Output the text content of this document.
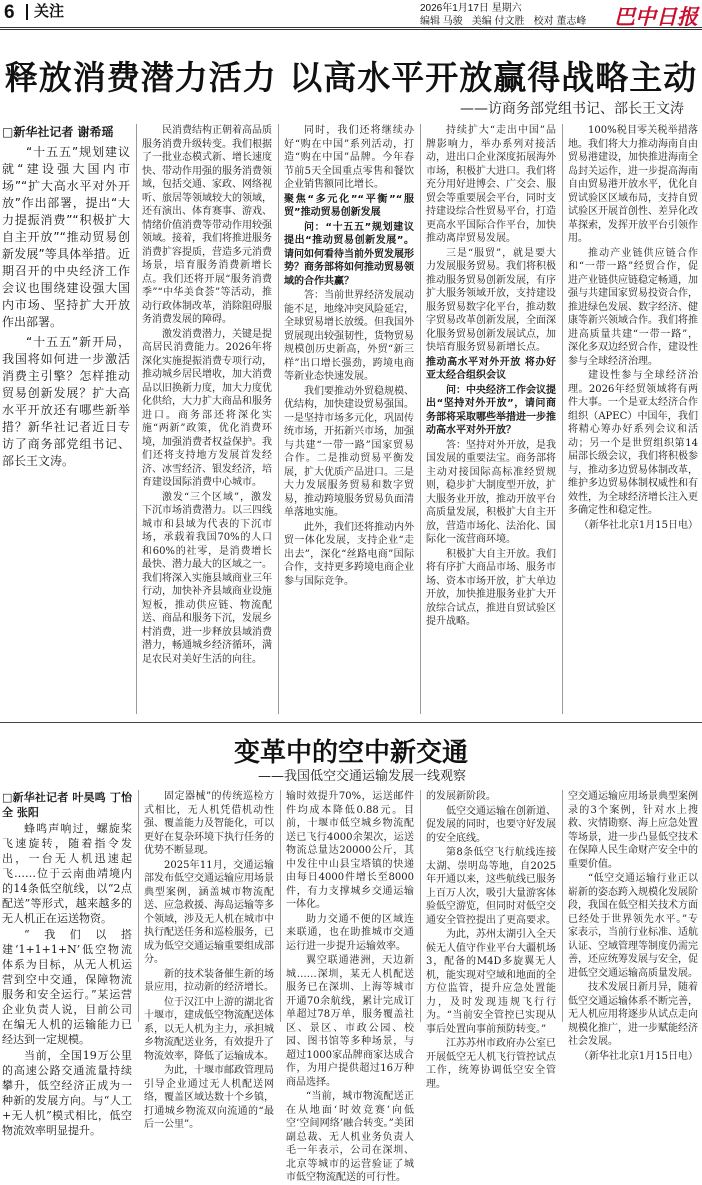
6	关注	2026年1月17日 星期六
编辑 马骏 美编 付文胜 校对 董志峰	巴中日报
释放消费潜力活力 以高水平开放赢得战略主动
——访商务部党组书记、部长王文涛

□新华社记者 谢希瑶

“十五五”规划建议就“建设强大国内市场”“扩大高水平对外开放”作出部署，提出“大力提振消费”“积极扩大自主开放”“推动贸易创新发展”等具体举措。近期召开的中央经济工作会议也围绕建设强大国内市场、坚持扩大开放作出部署。

“十五五”新开局，我国将如何进一步激活消费主引擎？怎样推动贸易创新发展？扩大高水平开放还有哪些新举措？新华社记者近日专访了商务部党组书记、部长王文涛。

民消费结构正朝着高品质服务消费升级转变。我们根据了一批业态模式新、增长速度快、带动作用强的服务消费领域，包括交通、家政、网络视听、旅居等领域较大的领域，还有演出、体育赛事、游戏、情绪价值消费等带动作用较强领域。接着，我们将推进服务消费扩容提质，营造多元消费场景，培育服务消费新增长点。我们还将开展“服务消费季”“中华美食荟”等活动，推动行政体制改革，消除阻碍服务消费发展的障碍。

激发消费潜力，关键是提高居民消费能力。2026年将深化实施提振消费专项行动，推动城乡居民增收，加大消费品以旧换新力度，加大力度优化供给，大力扩大商品和服务进口。商务部还将深化实施“两新”政策，优化消费环境，加强消费者权益保护。我们还将支持地方发展首发经济、冰雪经济、银发经济，培育建设国际消费中心城市。

激发“三个区域”，激发下沉市场消费潜力。以三四线城市和县域为代表的下沉市场，承载着我国70%的人口和60%的社零，是消费增长最快、潜力最大的区域之一。我们将深入实施县域商业三年行动，加快补齐县域商业设施短板，推动供应链、物流配送、商品和服务下沉，发展乡村消费，进一步释放县域消费潜力，畅通城乡经济循环，满足农民对美好生活的向往。

同时，我们还将继续办好“购在中国”系列活动，打造“购在中国”品牌。今年春节前5天全国重点零售和餐饮企业销售额同比增长。

聚焦“多元化”“平衡”“服贸”推动贸易创新发展

问：“十五五”规划建议提出“推动贸易创新发展”。请问如何看待当前外贸发展形势？商务部将如何推动贸易领域的合作共赢？

答：当前世界经济发展动能不足，地缘冲突风险延宕，全球贸易增长放缓。但我国外贸展现出较强韧性，货物贸易规模创历史新高，外贸“新三样”出口增长强劲，跨境电商等新业态快速发展。

我们要推动外贸稳规模、优结构，加快建设贸易强国。一是坚持市场多元化，巩固传统市场，开拓新兴市场，加强与共建“一带一路”国家贸易合作。二是推动贸易平衡发展，扩大优质产品进口。三是大力发展服务贸易和数字贸易，推动跨境服务贸易负面清单落地实施。

此外，我们还将推动内外贸一体化发展，支持企业“走出去”，深化“丝路电商”国际合作，支持更多跨境电商企业参与国际竞争。

持续扩大“走出中国”品牌影响力，举办系列对接活动，进出口企业深度拓展海外市场，积极扩大进口。我们将充分用好进博会、广交会、服贸会等重要展会平台，同时支持建设综合性贸易平台，打造更高水平国际合作平台，加快推动离岸贸易发展。

三是“服贸”，就是要大力发展服务贸易。我们将积极推动服务贸易创新发展，有序扩大服务领域开放，支持建设服务贸易数字化平台，推动数字贸易改革创新发展，全面深化服务贸易创新发展试点，加快培育服务贸易新增长点。

推动高水平对外开放 将办好亚太经合组织会议

问：中央经济工作会议提出“坚持对外开放”，请问商务部将采取哪些举措进一步推动高水平对外开放？

答：坚持对外开放，是我国发展的重要法宝。商务部将主动对接国际高标准经贸规则，稳步扩大制度型开放，扩大服务业开放，推动开放平台高质量发展，积极扩大自主开放，营造市场化、法治化、国际化一流营商环境。

积极扩大自主开放。我们将有序扩大商品市场、服务市场、资本市场开放，扩大单边开放，加快推进服务业扩大开放综合试点，推进自贸试验区提升战略。

100%税目零关税举措落地。我们将大力推动海南自由贸易港建设，加快推进海南全岛封关运作，进一步提高海南自由贸易港开放水平，优化自贸试验区区域布局，支持自贸试验区开展首创性、差异化改革探索，发挥开放平台引领作用。

推动产业链供应链合作和“一带一路”经贸合作，促进产业链供应链稳定畅通，加强与共建国家贸易投资合作，推进绿色发展、数字经济、健康等新兴领域合作。我们将推进高质量共建“一带一路”，深化多双边经贸合作，建设性参与全球经济治理。

建设性参与全球经济治理。2026年经贸领域将有两件大事。一个是亚太经济合作组织（APEC）中国年，我们将精心筹办好系列会议和活动；另一个是世贸组织第14届部长级会议，我们将积极参与，推动多边贸易体制改革，维护多边贸易体制权威性和有效性，为全球经济增长注入更多确定性和稳定性。

（新华社北京1月15日电）

变革中的空中新交通
——我国低空交通运输发展一线观察

□新华社记者 叶昊鸣 丁怡全 张阳

蜂鸣声响过，螺旋桨飞速旋转，随着指令发出，一台无人机迅速起飞……位于云南曲靖境内的14条低空航线，以“2点配送”等形式，越来越多的无人机正在运送物资。

“我们以搭建‘1+1+1+N’低空物流体系为目标，从无人机运营到空中交通，保障物流服务和安全运行。”某运营企业负责人说，目前公司在编无人机的运输能力已经达到一定规模。

当前，全国19万公里的高速公路交通流量持续攀升，低空经济正成为一种新的发展方向。与“人工+无人机”模式相比，低空物流效率明显提升。

固定器械”的传统巡检方式相比，无人机凭借机动性强、覆盖能力及智能化，可以更好在复杂环境下执行任务的优势不断显现。

2025年11月，交通运输部发布低空交通运输应用场景典型案例，涵盖城市物流配送、应急救援、海岛运输等多个领域，涉及无人机在城市中执行配送任务和巡检服务，已成为低空交通运输重要组成部分。

新的技术装备催生新的场景应用，拉动新的经济增长。

位于汉江中上游的湖北省十堰市，建成低空物流配送体系，以无人机为主力，承担城乡物流配送业务，有效提升了物流效率，降低了运输成本。

为此，十堰市邮政管理局引导企业通过无人机配送网络，覆盖区域达数十个乡镇，打通城乡物流双向流通的“最后一公里”。

输时效提升70%，运送邮件件均成本降低0.88元。目前，十堰市低空城乡物流配送已飞行4000余架次，运送物流总量达20000公斤，其中发往中山县宝塔镇的快递由每日4000件增长至8000件，有力支撑城乡交通运输一体化。

助力交通不便的区域连来联通，也在助推城市交通运行进一步提升运输效率。

翼空联通港洲，天边新城……深圳，某无人机配送服务已在深圳、上海等城市开通70余航线，累计完成订单超过78万单，服务覆盖社区、景区、市政公园、校园、图书馆等多种场景，与超过1000家品牌商家达成合作，为用户提供超过16万种商品选择。

“当前，城市物流配送正在从地面‘时效竞赛’向低空‘空间网络’融合转变。”美团副总裁、无人机业务负责人毛一年表示，公司在深圳、北京等城市的运营验证了城市低空物流配送的可行性。

的发展新阶段。

低空交通运输在创新道、促发展的同时，也要守好发展的安全底线。

第8条低空飞行航线连接太湖、崇明岛等地，自2025年开通以来，这些航线已服务上百万人次，吸引大量游客体验低空游览，但同时对低空交通安全管控提出了更高要求。

为此，苏州太湖引入全天候无人值守作业平台大疆机场3，配备的M4D多旋翼无人机，能实现对空域和地面的全方位监管，提升应急处置能力，及时发现违规飞行行为。“当前安全管控已实现从事后处置向事前预防转变。”

江苏苏州市政府办公室已开展低空无人机飞行管控试点工作，统筹协调低空安全管理。

空交通运输应用场景典型案例录的3个案例，针对水上搜救、灾情勘察、海上应急处置等场景，进一步凸显低空技术在保障人民生命财产安全中的重要价值。

“低空交通运输行业正以崭新的姿态跨入规模化发展阶段，我国在低空相关技术方面已经处于世界领先水平。”专家表示，当前行业标准、适航认证、空域管理等制度仍需完善，还应统筹发展与安全，促进低空交通运输高质量发展。

技术发展日新月异，随着低空交通运输体系不断完善，无人机应用将逐步从试点走向规模化推广，进一步赋能经济社会发展。

（新华社北京1月15日电）
